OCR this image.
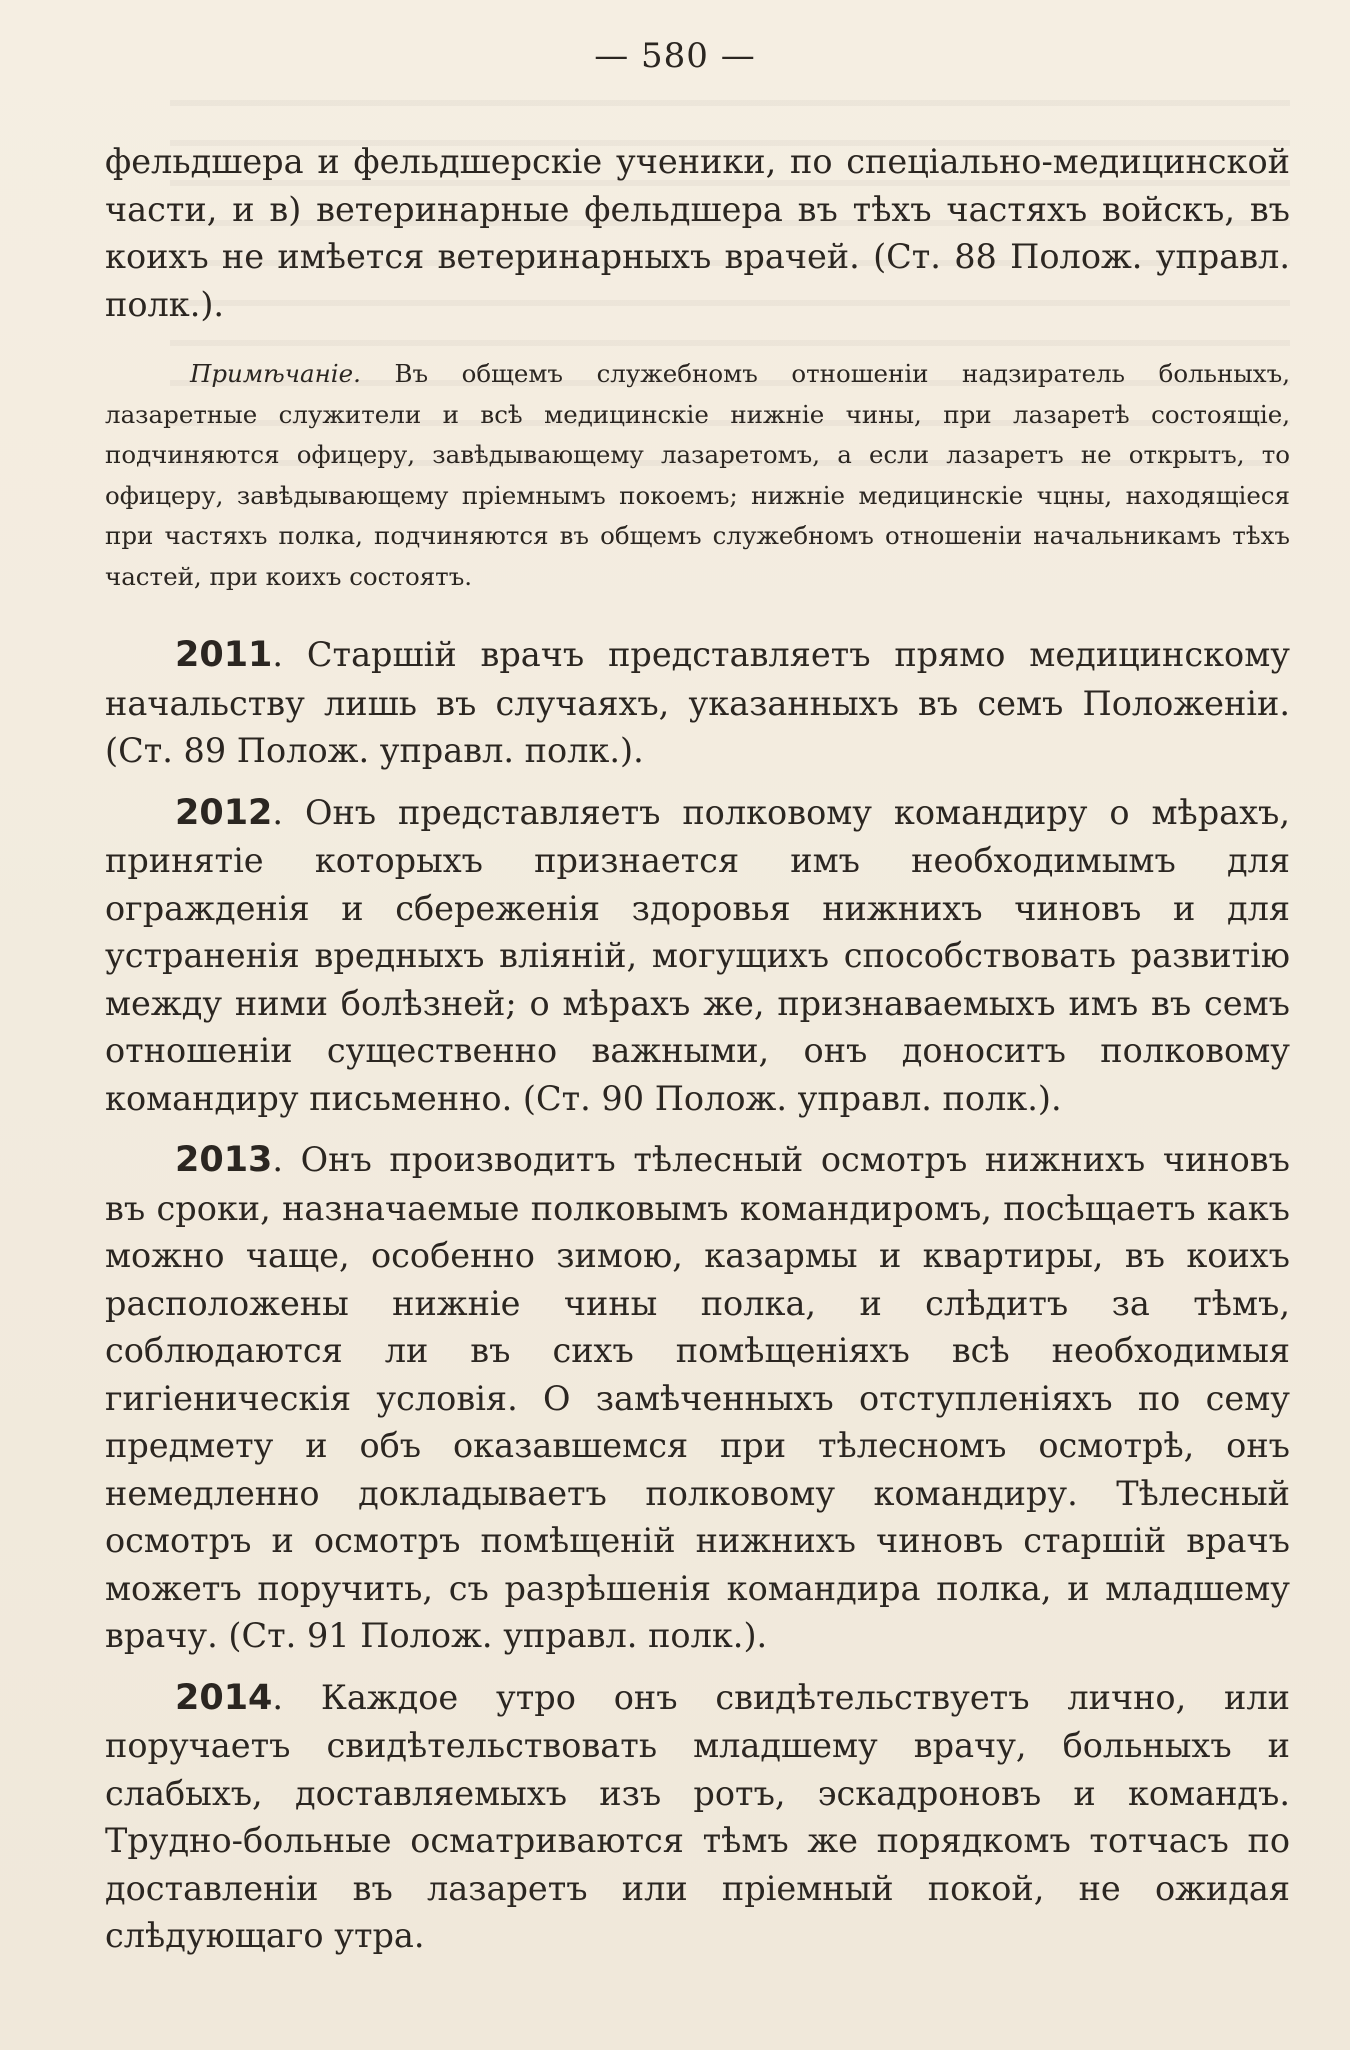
— 580 —

фельдшера и фельдшерскіе ученики, по спеціально-медицинской части, и в) ветеринарные фельдшера въ тѣхъ частяхъ войскъ, въ коихъ не имѣется ветеринарныхъ врачей. (Ст. 88 Полож. управл. полк.).

Примѣчаніе. Въ общемъ служебномъ отношеніи надзиратель больныхъ, лазаретные служители и всѣ медицинскіе нижніе чины, при лазаретѣ состоящіе, подчиняются офицеру, завѣдывающему лазаретомъ, а если лазаретъ не открытъ, то офицеру, завѣдывающему пріемнымъ покоемъ; нижніе медицинскіе чцны, находящіеся при частяхъ полка, подчиняются въ общемъ служебномъ отношеніи начальникамъ тѣхъ частей, при коихъ состоятъ.

2011. Старшій врачъ представляетъ прямо медицинскому начальству лишь въ случаяхъ, указанныхъ въ семъ Положеніи. (Ст. 89 Полож. управл. полк.).

2012. Онъ представляетъ полковому командиру о мѣрахъ, принятіе которыхъ признается имъ необходимымъ для огражденія и сбереженія здоровья нижнихъ чиновъ и для устраненія вредныхъ вліяній, могущихъ способствовать развитію между ними болѣзней; о мѣрахъ же, признаваемыхъ имъ въ семъ отношеніи существенно важными, онъ доноситъ полковому командиру письменно. (Ст. 90 Полож. управл. полк.).

2013. Онъ производитъ тѣлесный осмотръ нижнихъ чиновъ въ сроки, назначаемые полковымъ командиромъ, посѣщаетъ какъ можно чаще, особенно зимою, казармы и квартиры, въ коихъ расположены нижніе чины полка, и слѣдитъ за тѣмъ, соблюдаются ли въ сихъ помѣщеніяхъ всѣ необходимыя гигіеническія условія. О замѣченныхъ отступленіяхъ по сему предмету и объ оказавшемся при тѣлесномъ осмотрѣ, онъ немедленно докладываетъ полковому командиру. Тѣлесный осмотръ и осмотръ помѣщеній нижнихъ чиновъ старшій врачъ можетъ поручить, съ разрѣшенія командира полка, и младшему врачу. (Ст. 91 Полож. управл. полк.).

2014. Каждое утро онъ свидѣтельствуетъ лично, или поручаетъ свидѣтельствовать младшему врачу, больныхъ и слабыхъ, доставляемыхъ изъ ротъ, эскадроновъ и командъ. Трудно-больные осматриваются тѣмъ же порядкомъ тотчасъ по доставленіи въ лазаретъ или пріемный покой, не ожидая слѣдующаго утра.
